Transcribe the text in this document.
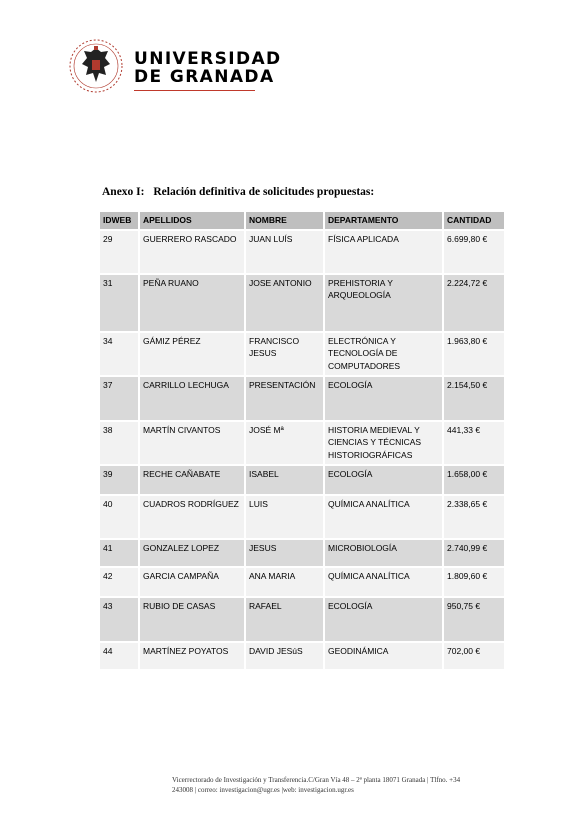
UNIVERSIDAD
DE GRANADA
Anexo I: Relación definitiva de solicitudes propuestas:
IDWEB	APELLIDOS	NOMBRE	DEPARTAMENTO	CANTIDAD
29	GUERRERO RASCADO	JUAN LUÍS	FÍSICA APLICADA	6.699,80 €
31	PEÑA RUANO	JOSE ANTONIO	PREHISTORIA Y ARQUEOLOGÍA	2.224,72 €
34	GÁMIZ PÉREZ	FRANCISCO JESUS	ELECTRÓNICA Y TECNOLOGÍA DE COMPUTADORES	1.963,80 €
37	CARRILLO LECHUGA	PRESENTACIÓN	ECOLOGÍA	2.154,50 €
38	MARTÍN CIVANTOS	JOSÉ Mª	HISTORIA MEDIEVAL Y CIENCIAS Y TÉCNICAS HISTORIOGRÁFICAS	441,33 €
39	RECHE CAÑABATE	ISABEL	ECOLOGÍA	1.658,00 €
40	CUADROS RODRÍGUEZ	LUIS	QUÍMICA ANALÍTICA	2.338,65 €
41	GONZALEZ LOPEZ	JESUS	MICROBIOLOGÍA	2.740,99 €
42	GARCIA CAMPAÑA	ANA MARIA	QUÍMICA ANALÍTICA	1.809,60 €
43	RUBIO DE CASAS	RAFAEL	ECOLOGÍA	950,75 €
44	MARTÍNEZ POYATOS	DAVID JESúS	GEODINÁMICA	702,00 €
Vicerrectorado de Investigación y Transferencia.C/Gran Vía 48 – 2ª planta 18071 Granada | Tlfno. +34
243008 | correo: investigacion@ugr.es |web: investigacion.ugr.es
